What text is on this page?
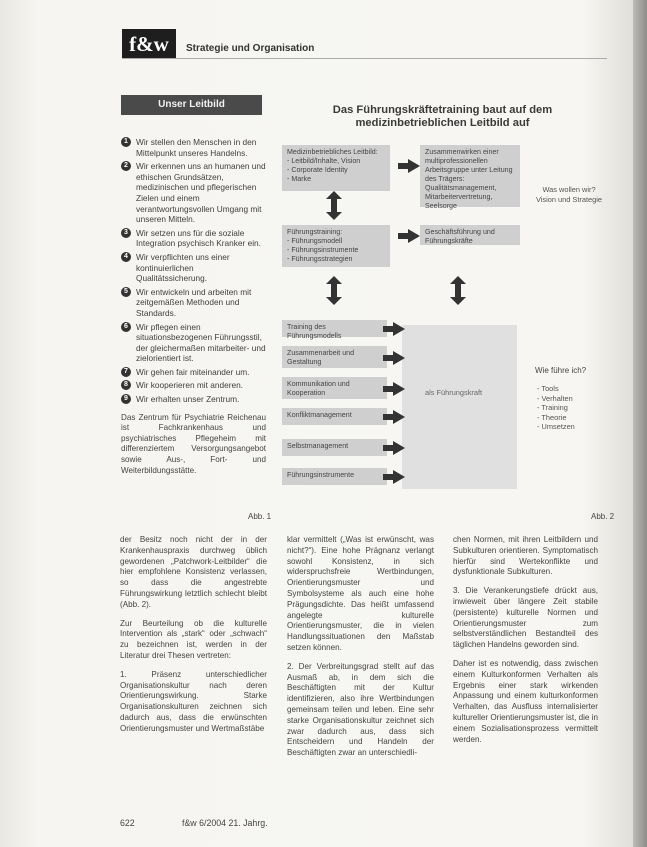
f&w	Strategie und Organisation
Unser Leitbild
1 Wir stellen den Menschen in den Mittelpunkt unseres Handelns.
2 Wir erkennen uns an humanen und ethischen Grundsätzen, medizinischen und pflegerischen Zielen und einem verantwortungsvollen Umgang mit unseren Mitteln.
3 Wir setzen uns für die soziale Integration psychisch Kranker ein.
4 Wir verpflichten uns einer kontinuierlichen Qualitätssicherung.
5 Wir entwickeln und arbeiten mit zeitgemäßen Methoden und Standards.
6 Wir pflegen einen situationsbezogenen Führungsstil, der gleichermaßen mitarbeiter- und zielorientiert ist.
7 Wir gehen fair miteinander um.
8 Wir kooperieren mit anderen.
9 Wir erhalten unser Zentrum.
Das Zentrum für Psychiatrie Reichenau ist Fachkrankenhaus und psychiatrisches Pflegeheim mit differenziertem Versorgungsangebot sowie Aus-, Fort- und Weiterbildungsstätte.
Das Führungskräftetraining baut auf dem medizinbetrieblichen Leitbild auf
Medizinbetriebliches Leitbild:
- Leitbild/Inhalte, Vision
- Corporate Identity
- Marke
Zusammenwirken einer multiprofessionellen Arbeitsgruppe unter Leitung des Trägers: Qualitätsmanagement, Mitarbeitervertretung, Seelsorge
Was wollen wir?
Vision und Strategie
Führungstraining:
- Führungsmodell
- Führungsinstrumente
- Führungsstrategien
Geschäftsführung und Führungskräfte
als Führungskraft
Training des Führungsmodells
Zusammenarbeit und Gestaltung
Kommunikation und Kooperation
Konfliktmanagement
Selbstmanagement
Führungsinstrumente
Wie führe ich?
- Tools
- Verhalten
- Training
- Theorie
- Umsetzen
Abb. 1	Abb. 2

der Besitz noch nicht der in der Krankenhauspraxis durchweg üblich gewordenen „Patchwork-Leitbilder“ die hier empfohlene Konsistenz verlassen, so dass die angestrebte Führungswirkung letztlich schlecht bleibt (Abb. 2).

Zur Beurteilung ob die kulturelle Intervention als „stark“ oder „schwach“ zu bezeichnen ist, werden in der Literatur drei Thesen vertreten:

1. Präsenz unterschiedlicher Organisationskultur nach deren Orientierungswirkung. Starke Organisationskulturen zeichnen sich dadurch aus, dass die erwünschten Orientierungsmuster und Wertmaßstäbe

klar vermittelt („Was ist erwünscht, was nicht?“). Eine hohe Prägnanz verlangt sowohl Konsistenz, in sich widerspruchsfreie Wertbindungen, Orientierungsmuster und Symbolsysteme als auch eine hohe Prägungsdichte. Das heißt umfassend angelegte kulturelle Orientierungsmuster, die in vielen Handlungssituationen den Maßstab setzen können.

2. Der Verbreitungsgrad stellt auf das Ausmaß ab, in dem sich die Beschäftigten mit der Kultur identifizieren, also ihre Wertbindungen gemeinsam teilen und leben. Eine sehr starke Organisationskultur zeichnet sich zwar dadurch aus, dass sich Entscheidern und Handeln der Beschäftigten zwar an unterschiedli-

chen Normen, mit ihren Leitbildern und Subkulturen orientieren. Symptomatisch hierfür sind Wertekonflikte und dysfunktionale Subkulturen.

3. Die Verankerungstiefe drückt aus, inwieweit über längere Zeit stabile (persistente) kulturelle Normen und Orientierungsmuster zum selbstverständlichen Bestandteil des täglichen Handelns geworden sind.

Daher ist es notwendig, dass zwischen einem Kulturkonformen Verhalten als Ergebnis einer stark wirkenden Anpassung und einem kulturkonformen Verhalten, das Ausfluss internalisierter kultureller Orientierungsmuster ist, die in einem Sozialisationsprozess vermittelt werden.

622	f&w 6/2004 21. Jahrg.
